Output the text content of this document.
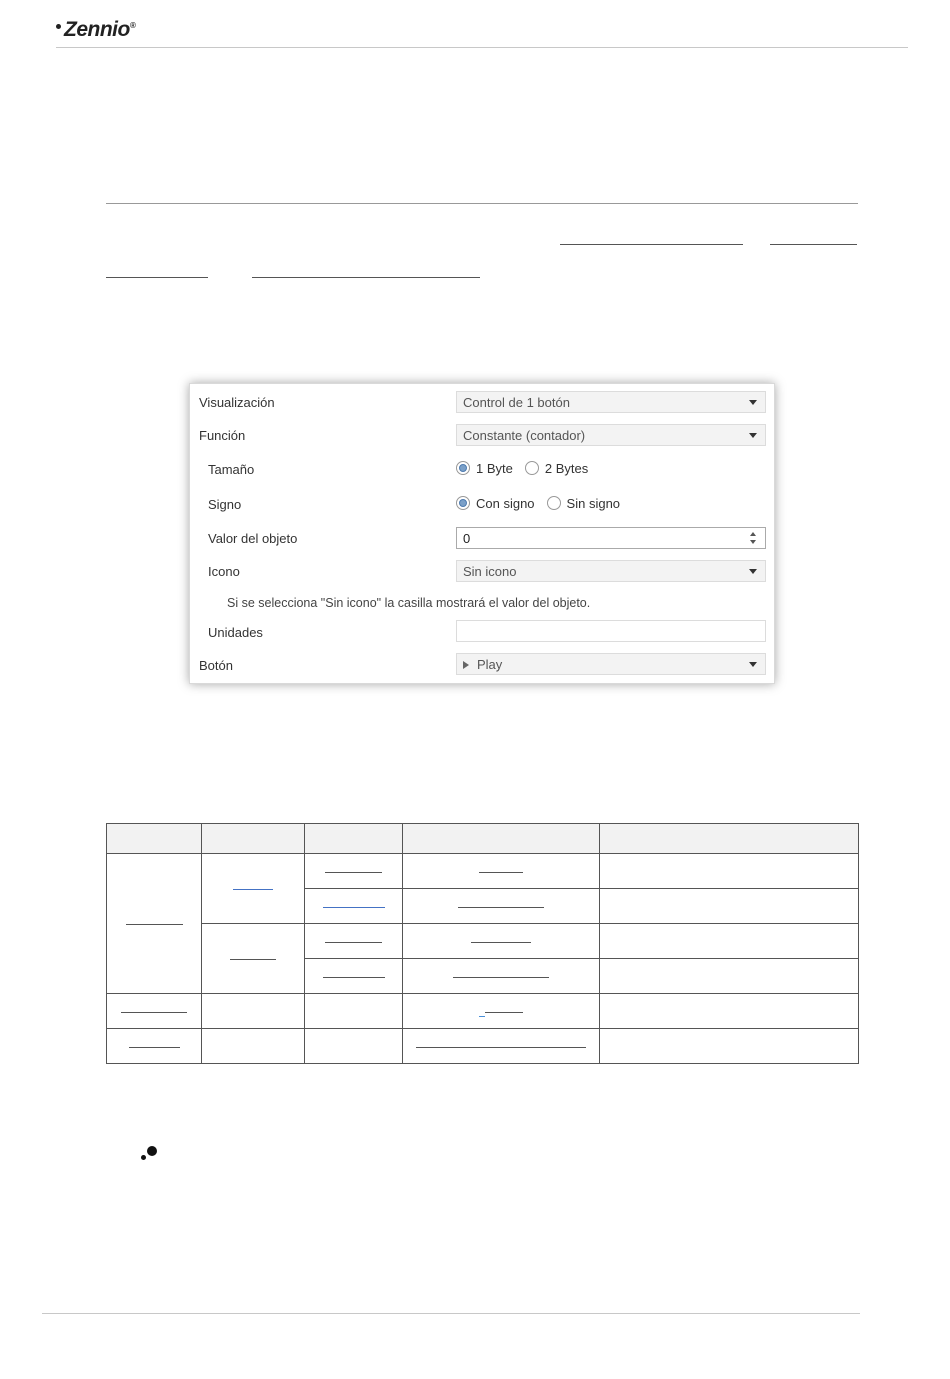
Zennio®
Visualización	Control de 1 botón
Función	Constante (contador)
Tamaño	1 Byte 2 Bytes
Signo	Con signo Sin signo
Valor del objeto	0
Icono	Sin icono
Si se selecciona "Sin icono" la casilla mostrará el valor del objeto.
Unidades
Botón	Play
